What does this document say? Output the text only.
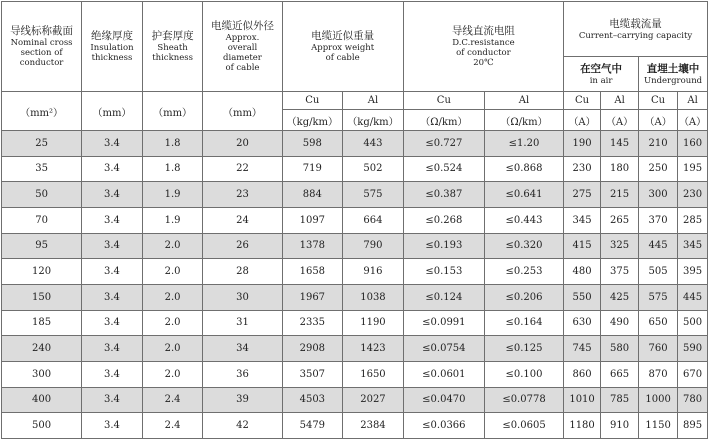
导线标称截面
Nominal cross
section of
conductor	绝缘厚度
Insulation
thickness	护套厚度
Sheath
thickness	电缆近似外径
Approx.
overall
diameter
of cable	电缆近似重量
Approx weight
of cable		导线直流电阻
D.C.resistance
of conductor
20℃		电缆载流量
Current–carrying capacity			

								在空气中
in air		直埋土壤中
Underground	

（mm²）	（mm）	（mm）	（mm）	Cu	Al	Cu	Al	Cu	Al	Cu	Al
				（kg/km）	（kg/km）	（Ω/km）	（Ω/km）	（A）	（A）	（A）	（A）
25	3.4	1.8	20	598	443	≤0.727	≤1.20	190	145	210	160
35	3.4	1.8	22	719	502	≤0.524	≤0.868	230	180	250	195
50	3.4	1.9	23	884	575	≤0.387	≤0.641	275	215	300	230
70	3.4	1.9	24	1097	664	≤0.268	≤0.443	345	265	370	285
95	3.4	2.0	26	1378	790	≤0.193	≤0.320	415	325	445	345
120	3.4	2.0	28	1658	916	≤0.153	≤0.253	480	375	505	395
150	3.4	2.0	30	1967	1038	≤0.124	≤0.206	550	425	575	445
185	3.4	2.0	31	2335	1190	≤0.0991	≤0.164	630	490	650	500
240	3.4	2.0	34	2908	1423	≤0.0754	≤0.125	745	580	760	590
300	3.4	2.0	36	3507	1650	≤0.0601	≤0.100	860	665	870	670
400	3.4	2.4	39	4503	2027	≤0.0470	≤0.0778	1010	785	1000	780
500	3.4	2.4	42	5479	2384	≤0.0366	≤0.0605	1180	910	1150	895
